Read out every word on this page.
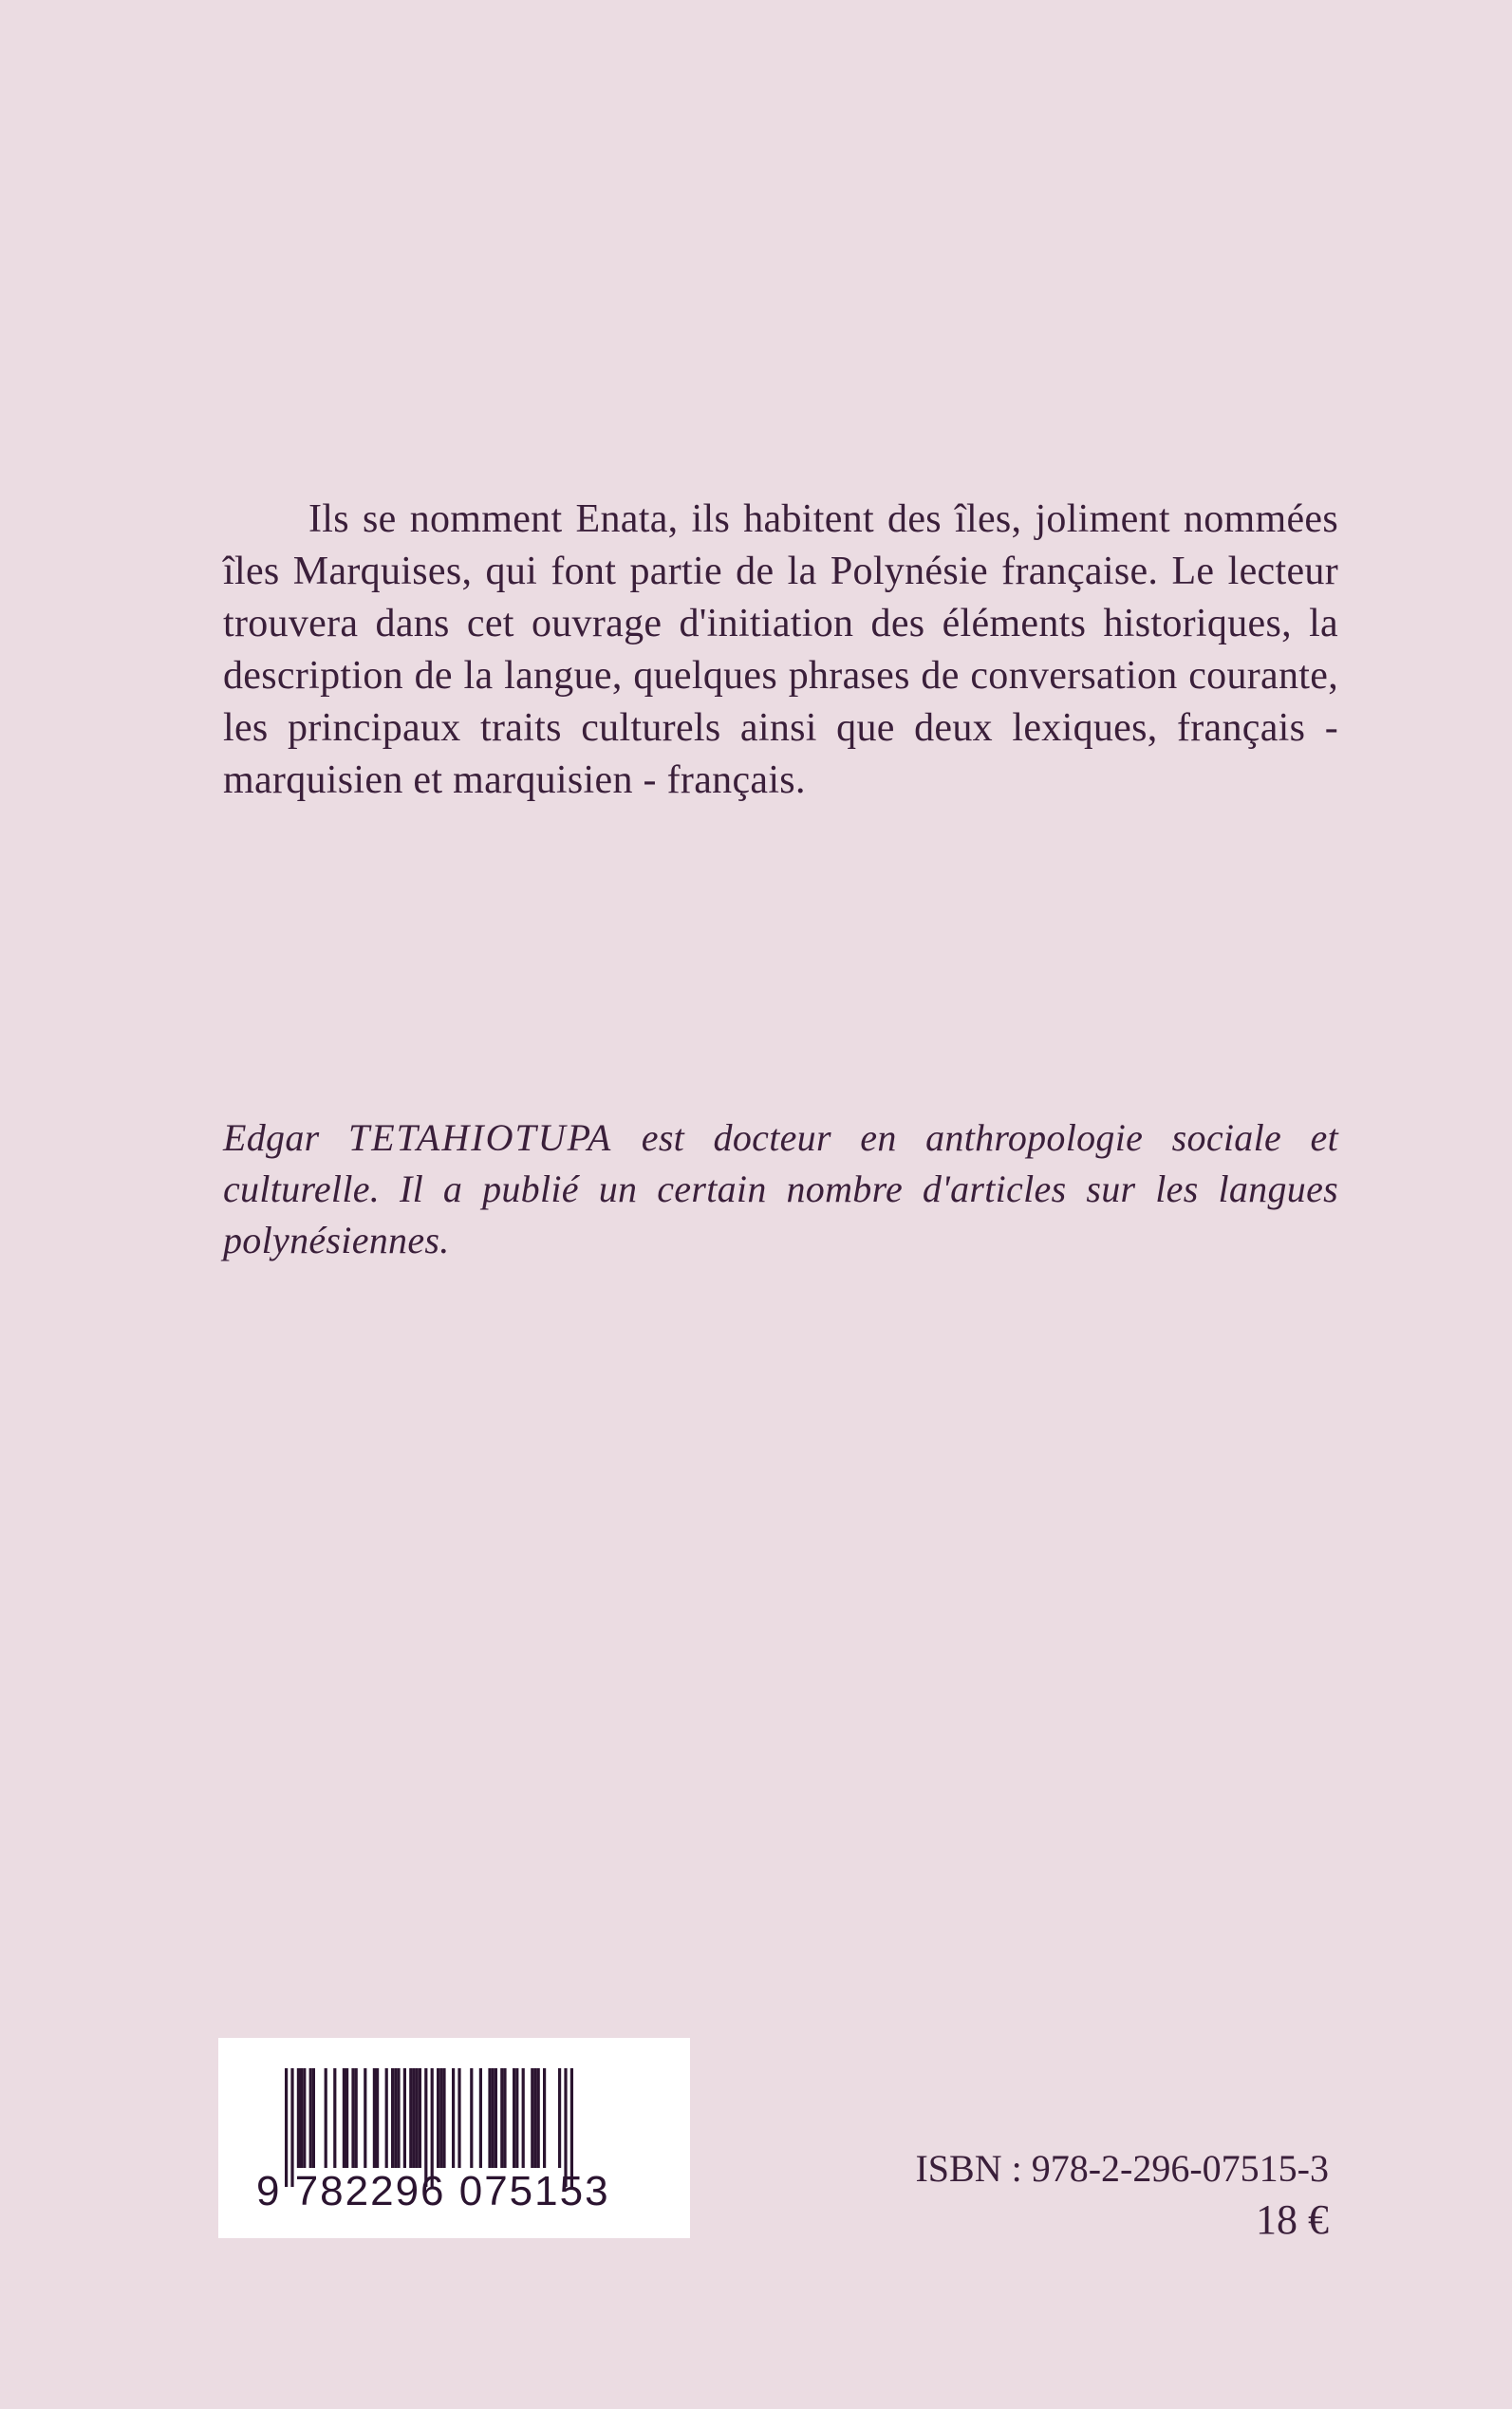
Ils se nomment Enata, ils habitent des îles, joliment nommées îles Marquises, qui font partie de la Polynésie française. Le lecteur trouvera dans cet ouvrage d'initiation des éléments historiques, la description de la langue, quelques phrases de conversation courante, les principaux traits culturels ainsi que deux lexiques, français - marquisien et marquisien - français.

Edgar TETAHIOTUPA est docteur en anthropologie sociale et culturelle. Il a publié un certain nombre d'articles sur les langues polynésiennes.

9 782296 075153	ISBN : 978-2-296-07515-3
18 €
